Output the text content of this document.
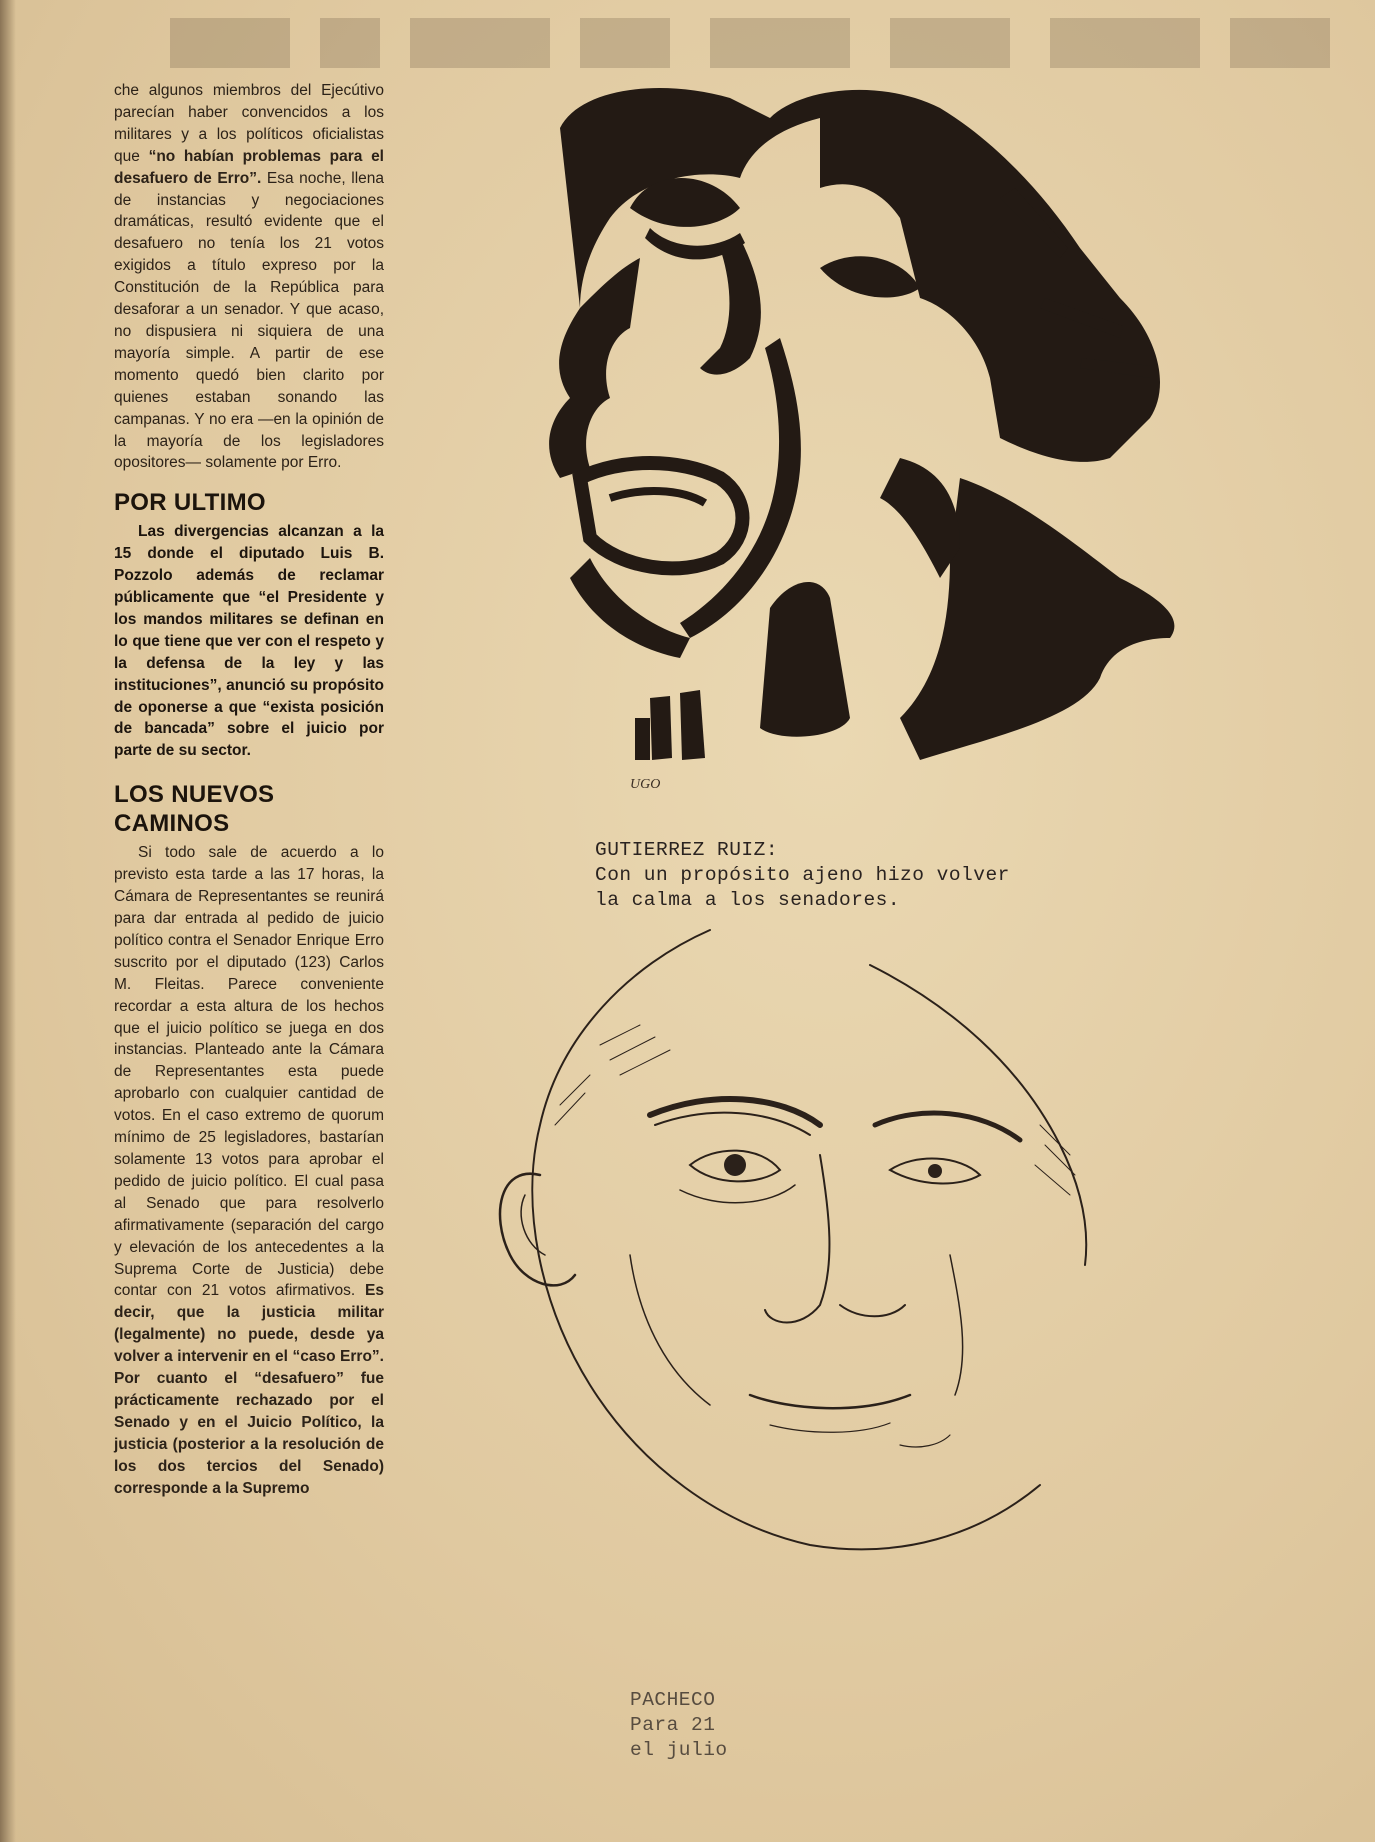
che algunos miembros del Ejecútivo parecían haber convencidos a los militares y a los políticos oficialistas que “no habían problemas para el desafuero de Erro”. Esa noche, llena de instancias y negociaciones dramáticas, resultó evidente que el desafuero no tenía los 21 votos exigidos a título expreso por la Constitución de la República para desaforar a un senador. Y que acaso, no dispusiera ni siquiera de una mayoría simple. A partir de ese momento quedó bien clarito por quienes estaban sonando las campanas. Y no era —en la opinión de la mayoría de los legisladores opositores— solamente por Erro.

POR ULTIMO

Las divergencias alcanzan a la 15 donde el diputado Luis B. Pozzolo además de reclamar públicamente que “el Presidente y los mandos militares se definan en lo que tiene que ver con el respeto y la defensa de la ley y las instituciones”, anunció su propósito de oponerse a que “exista posición de bancada” sobre el juicio por parte de su sector.

LOS NUEVOS CAMINOS

Si todo sale de acuerdo a lo previsto esta tarde a las 17 horas, la Cámara de Representantes se reunirá para dar entrada al pedido de juicio político contra el Senador Enrique Erro suscrito por el diputado (123) Carlos M. Fleitas. Parece conveniente recordar a esta altura de los hechos que el juicio político se juega en dos instancias. Planteado ante la Cámara de Representantes esta puede aprobarlo con cualquier cantidad de votos. En el caso extremo de quorum mínimo de 25 legisladores, bastarían solamente 13 votos para aprobar el pedido de juicio político. El cual pasa al Senado que para resolverlo afirmativamente (separación del cargo y elevación de los antecedentes a la Suprema Corte de Justicia) debe contar con 21 votos afirmativos. Es decir, que la justicia militar (legalmente) no puede, desde ya volver a intervenir en el “caso Erro”. Por cuanto el “desafuero” fue prácticamente rechazado por el Senado y en el Juicio Político, la justicia (posterior a la resolución de los dos tercios del Senado) corresponde a la Supremo

UGO
GUTIERREZ RUIZ:
Con un propósito ajeno hizo volver
la calma a los senadores.
PACHECO
Para 21
el julio
